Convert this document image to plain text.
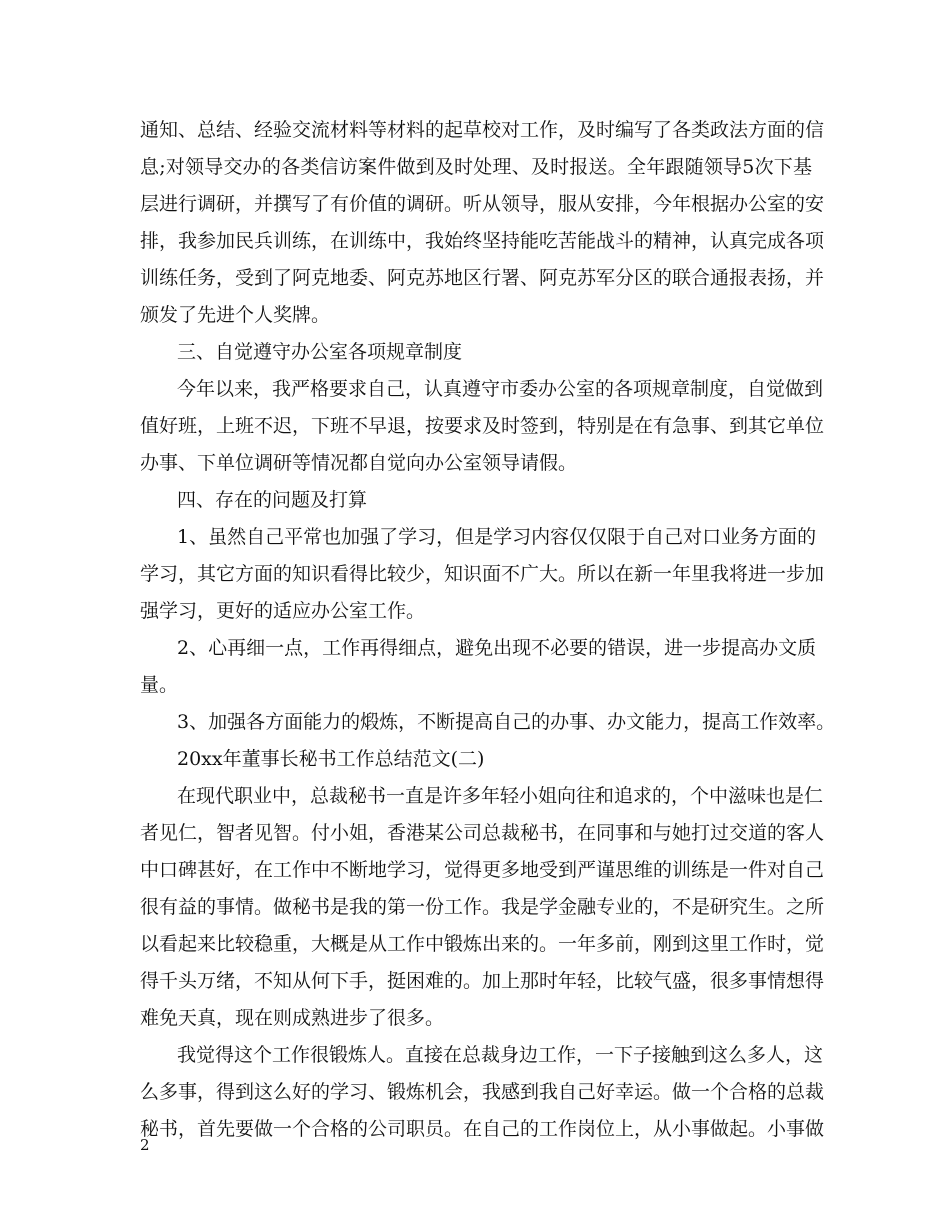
通知、总结、经验交流材料等材料的起草校对工作，及时编写了各类政法方面的信
息;对领导交办的各类信访案件做到及时处理、及时报送。全年跟随领导5次下基
层进行调研，并撰写了有价值的调研。听从领导，服从安排，今年根据办公室的安
排，我参加民兵训练，在训练中，我始终坚持能吃苦能战斗的精神，认真完成各项
训练任务，受到了阿克地委、阿克苏地区行署、阿克苏军分区的联合通报表扬，并
颁发了先进个人奖牌。
三、自觉遵守办公室各项规章制度
今年以来，我严格要求自己，认真遵守市委办公室的各项规章制度，自觉做到
值好班，上班不迟，下班不早退，按要求及时签到，特别是在有急事、到其它单位
办事、下单位调研等情况都自觉向办公室领导请假。
四、存在的问题及打算
1、虽然自己平常也加强了学习，但是学习内容仅仅限于自己对口业务方面的
学习，其它方面的知识看得比较少，知识面不广大。所以在新一年里我将进一步加
强学习，更好的适应办公室工作。
2、心再细一点，工作再得细点，避免出现不必要的错误，进一步提高办文质
量。
3、加强各方面能力的煅炼，不断提高自己的办事、办文能力，提高工作效率。
20xx年董事长秘书工作总结范文(二)
在现代职业中，总裁秘书一直是许多年轻小姐向往和追求的，个中滋味也是仁
者见仁，智者见智。付小姐，香港某公司总裁秘书，在同事和与她打过交道的客人
中口碑甚好，在工作中不断地学习，觉得更多地受到严谨思维的训练是一件对自己
很有益的事情。做秘书是我的第一份工作。我是学金融专业的，不是研究生。之所
以看起来比较稳重，大概是从工作中锻炼出来的。一年多前，刚到这里工作时，觉
得千头万绪，不知从何下手，挺困难的。加上那时年轻，比较气盛，很多事情想得
难免天真，现在则成熟进步了很多。
我觉得这个工作很锻炼人。直接在总裁身边工作，一下子接触到这么多人，这
么多事，得到这么好的学习、锻炼机会，我感到我自己好幸运。做一个合格的总裁
秘书，首先要做一个合格的公司职员。在自己的工作岗位上，从小事做起。小事做
2
